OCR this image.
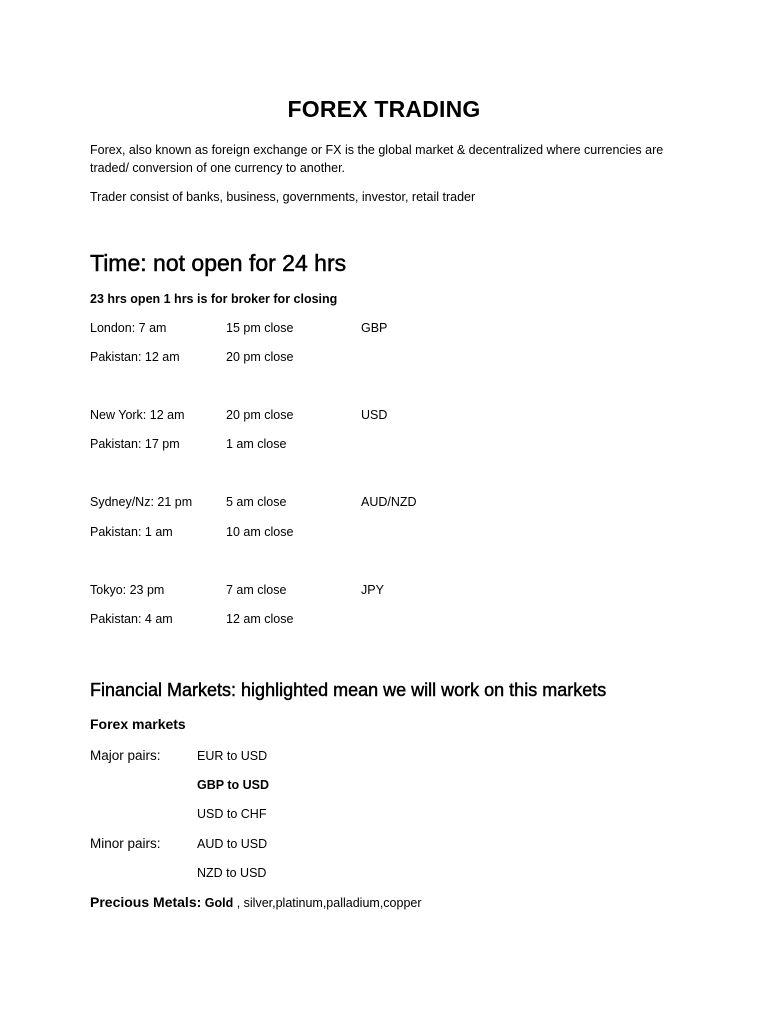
FOREX TRADING
Forex, also known as foreign exchange or FX is the global market & decentralized where currencies are traded/ conversion of one currency to another.
Trader consist of banks, business, governments, investor, retail trader
Time: not open for 24 hrs
23 hrs open 1 hrs is for broker for closing
London: 7 am	15 pm close	GBP
Pakistan: 12 am	20 pm close
New York: 12 am	20 pm close	USD
Pakistan: 17 pm	1 am close
Sydney/Nz: 21 pm	5 am close	AUD/NZD
Pakistan: 1 am	10 am close
Tokyo: 23 pm	7 am close	JPY
Pakistan: 4 am	12 am close
Financial Markets: highlighted mean we will work on this markets
Forex markets
Major pairs:	EUR to USD
GBP to USD
USD to CHF
Minor pairs:	AUD to USD
NZD to USD
Precious Metals: Gold , silver,platinum,palladium,copper
